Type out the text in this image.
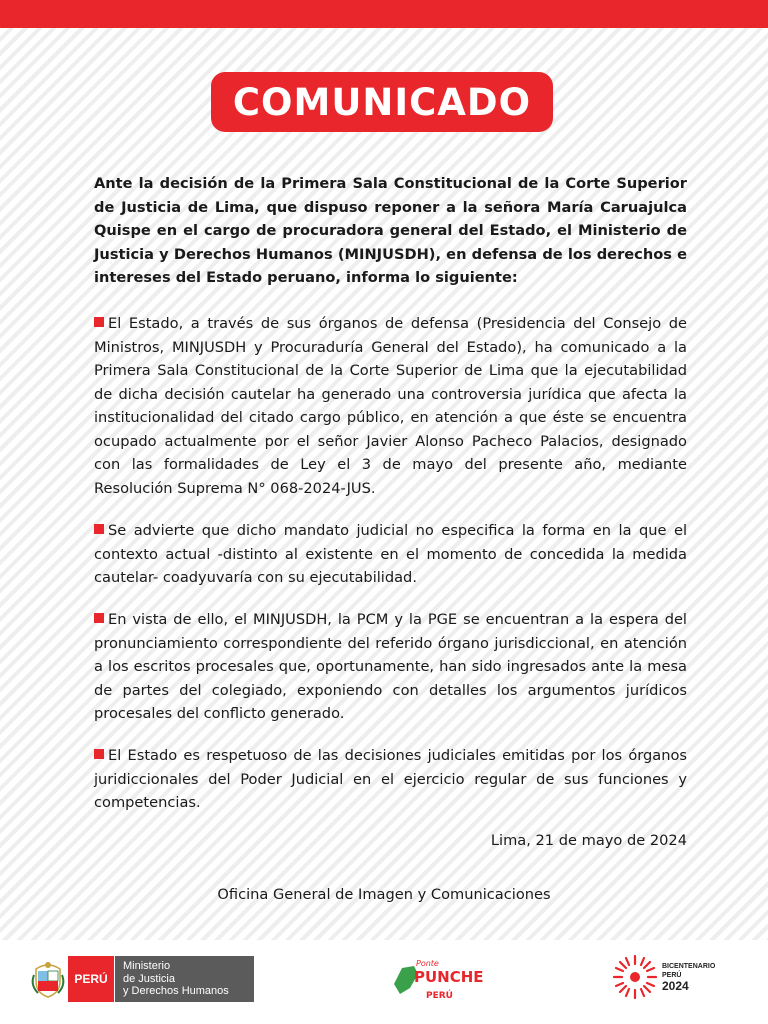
COMUNICADO

Ante la decisión de la Primera Sala Constitucional de la Corte Superior de Justicia de Lima, que dispuso reponer a la señora María Caruajulca Quispe en el cargo de procuradora general del Estado, el Ministerio de Justicia y Derechos Humanos (MINJUSDH), en defensa de los derechos e intereses del Estado peruano, informa lo siguiente:

El Estado, a través de sus órganos de defensa (Presidencia del Consejo de Ministros, MINJUSDH y Procuraduría General del Estado), ha comunicado a la Primera Sala Constitucional de la Corte Superior de Lima que la ejecutabilidad de dicha decisión cautelar ha generado una controversia jurídica que afecta la institucionalidad del citado cargo público, en atención a que éste se encuentra ocupado actualmente por el señor Javier Alonso Pacheco Palacios, designado con las formalidades de Ley el 3 de mayo del presente año, mediante Resolución Suprema N° 068-2024-JUS.

Se advierte que dicho mandato judicial no especifica la forma en la que el contexto actual -distinto al existente en el momento de concedida la medida cautelar- coadyuvaría con su ejecutabilidad.

En vista de ello, el MINJUSDH, la PCM y la PGE se encuentran a la espera del pronunciamiento correspondiente del referido órgano jurisdiccional, en atención a los escritos procesales que, oportunamente, han sido ingresados ante la mesa de partes del colegiado, exponiendo con detalles los argumentos jurídicos procesales del conflicto generado.

El Estado es respetuoso de las decisiones judiciales emitidas por los órganos juridiccionales del Poder Judicial en el ejercicio regular de sus funciones y competencias.

Lima, 21 de mayo de 2024

Oficina General de Imagen y Comunicaciones

PERÚ
Ministerio
de Justicia
y Derechos Humanos
Ponte
PUNCHE
PERÚ
BICENTENARIO
PERÚ
2024
